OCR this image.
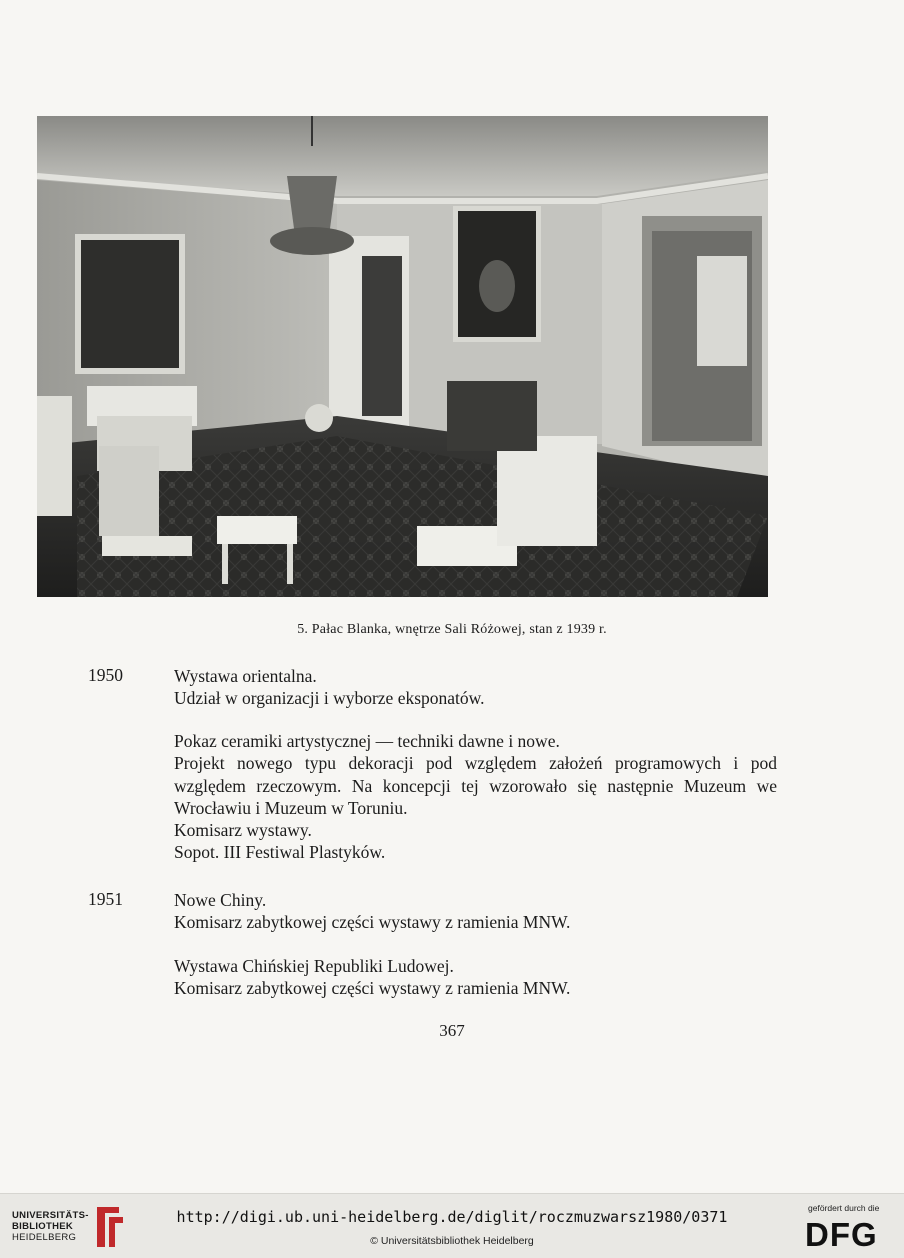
5. Pałac Blanka, wnętrze Sali Różowej, stan z 1939 r.
1950	Wystawa orientalna.

Udział w organizacji i wyborze eksponatów.

Pokaz ceramiki artystycznej — techniki dawne i nowe.

Projekt nowego typu dekoracji pod względem założeń programowych i pod względem rzeczowym. Na koncepcji tej wzorowało się następnie Muzeum we Wrocławiu i Muzeum w Toruniu.

Komisarz wystawy.

Sopot. III Festiwal Plastyków.

1951	Nowe Chiny.

Komisarz zabytkowej części wystawy z ramienia MNW.

Wystawa Chińskiej Republiki Ludowej.

Komisarz zabytkowej części wystawy z ramienia MNW.

367
UNIVERSITÄTS-
BIBLIOTHEK
HEIDELBERG
http://digi.ub.uni-heidelberg.de/diglit/roczmuzwarsz1980/0371
© Universitätsbibliothek Heidelberg
gefördert durch die
DFG
